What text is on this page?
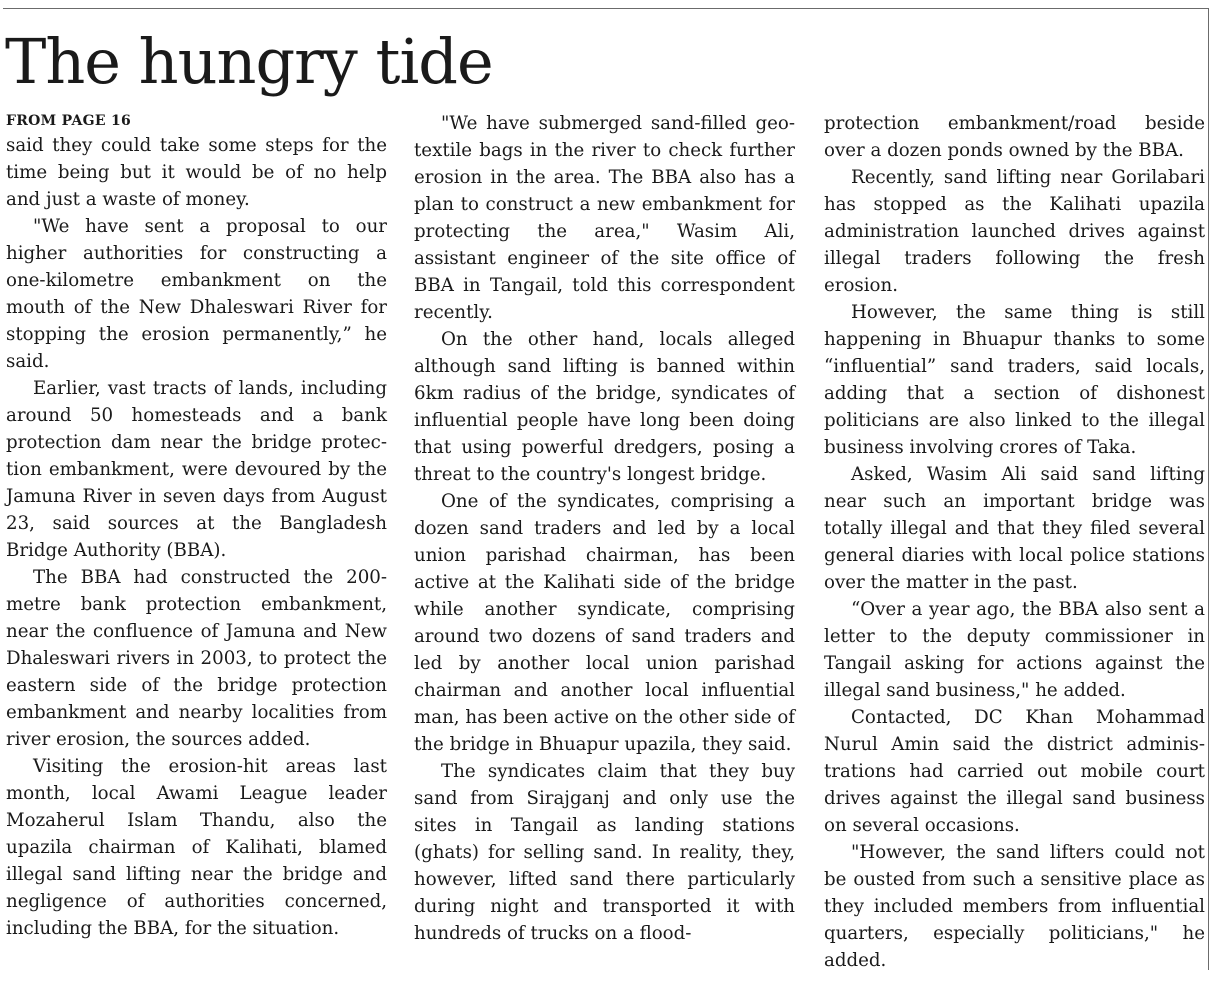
The hungry tide
FROM PAGE 16

said they could take some steps for the time being but it would be of no help and just a waste of money.

"We have sent a proposal to our higher authorities for constructing a one-kilometre embankment on the mouth of the New Dhaleswari River for stopping the erosion permanently,” he said.

Earlier, vast tracts of lands, including around 50 homesteads and a bank protection dam near the bridge protection embankment, were devoured by the Jamuna River in seven days from August 23, said sources at the Bangladesh Bridge Authority (BBA).

The BBA had constructed the 200-metre bank protection embankment, near the confluence of Jamuna and New Dhaleswari rivers in 2003, to protect the eastern side of the bridge protection embankment and nearby localities from river erosion, the sources added.

Visiting the erosion-hit areas last month, local Awami League leader Mozaherul Islam Thandu, also the upazila chairman of Kalihati, blamed illegal sand lifting near the bridge and negligence of authorities concerned, including the BBA, for the situation.

"We have submerged sand-filled geo-textile bags in the river to check further erosion in the area. The BBA also has a plan to construct a new embankment for protecting the area," Wasim Ali, assistant engineer of the site office of BBA in Tangail, told this correspondent recently.

On the other hand, locals alleged although sand lifting is banned within 6km radius of the bridge, syndicates of influential people have long been doing that using powerful dredgers, posing a threat to the country's longest bridge.

One of the syndicates, comprising a dozen sand traders and led by a local union parishad chairman, has been active at the Kalihati side of the bridge while another syndicate, comprising around two dozens of sand traders and led by another local union parishad chairman and another local influential man, has been active on the other side of the bridge in Bhuapur upazila, they said.

The syndicates claim that they buy sand from Sirajganj and only use the sites in Tangail as landing stations (ghats) for selling sand. In reality, they, however, lifted sand there particularly during night and transported it with hundreds of trucks on a flood-

protection embankment/road beside over a dozen ponds owned by the BBA.

Recently, sand lifting near Gorilabari has stopped as the Kalihati upazila administration launched drives against illegal traders following the fresh erosion.

However, the same thing is still happening in Bhuapur thanks to some “influential” sand traders, said locals, adding that a section of dishonest politicians are also linked to the illegal business involving crores of Taka.

Asked, Wasim Ali said sand lifting near such an important bridge was totally illegal and that they filed several general diaries with local police stations over the matter in the past.

“Over a year ago, the BBA also sent a letter to the deputy commissioner in Tangail asking for actions against the illegal sand business," he added.

Contacted, DC Khan Mohammad Nurul Amin said the district administrations had carried out mobile court drives against the illegal sand business on several occasions.

"However, the sand lifters could not be ousted from such a sensitive place as they included members from influential quarters, especially politicians," he added.
